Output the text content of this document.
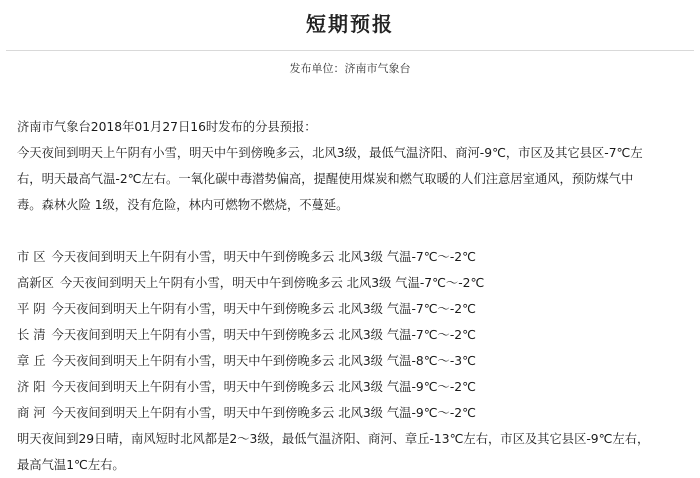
短期预报
发布单位：济南市气象台

济南市气象台2018年01月27日16时发布的分县预报：

今天夜间到明天上午阴有小雪，明天中午到傍晚多云，北风3级，最低气温济阳、商河-9℃，市区及其它县区-7℃左右，明天最高气温-2℃左右。一氧化碳中毒潜势偏高，提醒使用煤炭和燃气取暖的人们注意居室通风，预防煤气中毒。森林火险 1级，没有危险，林内可燃物不燃烧，不蔓延。

市 区 今天夜间到明天上午阴有小雪，明天中午到傍晚多云 北风3级 气温-7℃～-2℃
高新区 今天夜间到明天上午阴有小雪，明天中午到傍晚多云 北风3级 气温-7℃～-2℃
平 阴 今天夜间到明天上午阴有小雪，明天中午到傍晚多云 北风3级 气温-7℃～-2℃
长 清 今天夜间到明天上午阴有小雪，明天中午到傍晚多云 北风3级 气温-7℃～-2℃
章 丘 今天夜间到明天上午阴有小雪，明天中午到傍晚多云 北风3级 气温-8℃～-3℃
济 阳 今天夜间到明天上午阴有小雪，明天中午到傍晚多云 北风3级 气温-9℃～-2℃
商 河 今天夜间到明天上午阴有小雪，明天中午到傍晚多云 北风3级 气温-9℃～-2℃

明天夜间到29日晴，南风短时北风都是2～3级，最低气温济阳、商河、章丘-13℃左右，市区及其它县区-9℃左右，最高气温1℃左右。
